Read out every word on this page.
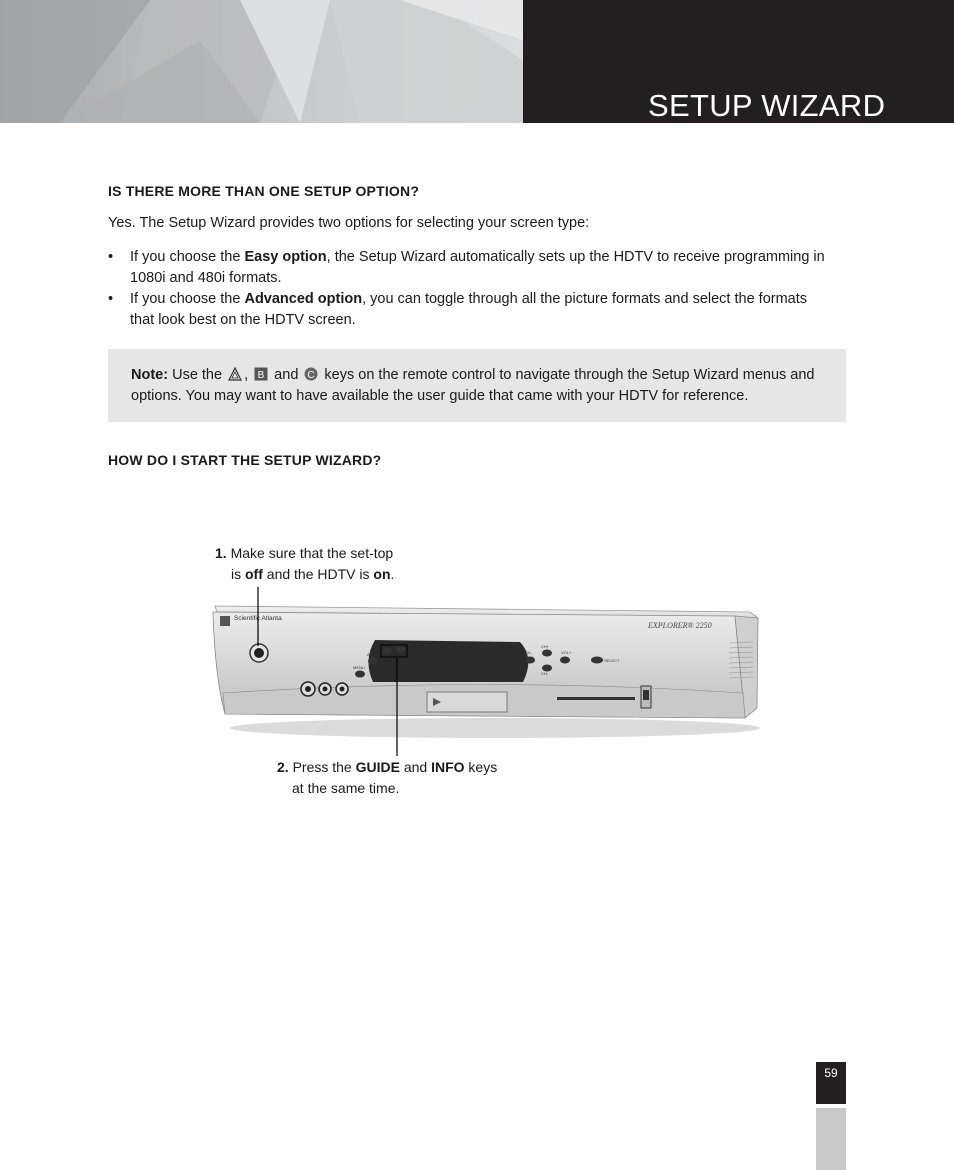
SETUP WIZARD
IS THERE MORE THAN ONE SETUP OPTION?
Yes. The Setup Wizard provides two options for selecting your screen type:
• If you choose the Easy option, the Setup Wizard automatically sets up the HDTV to receive programming in 1080i and 480i formats.
• If you choose the Advanced option, you can toggle through all the picture formats and select the formats that look best on the HDTV screen.
Note: Use the , B and C keys on the remote control to navigate through the Setup Wizard menus and options. You may want to have available the user guide that came with your HDTV for reference.
HOW DO I START THE SETUP WIZARD?
1. Make sure that the set-top
is off and the HDTV is on.
Scientific Atlanta
EXPLORER® 2250
GUIDE INFO
A/B
MENU
VOL-	VOL+
CH-
CH+
SELECT
2. Press the GUIDE and INFO keys
at the same time.
59
